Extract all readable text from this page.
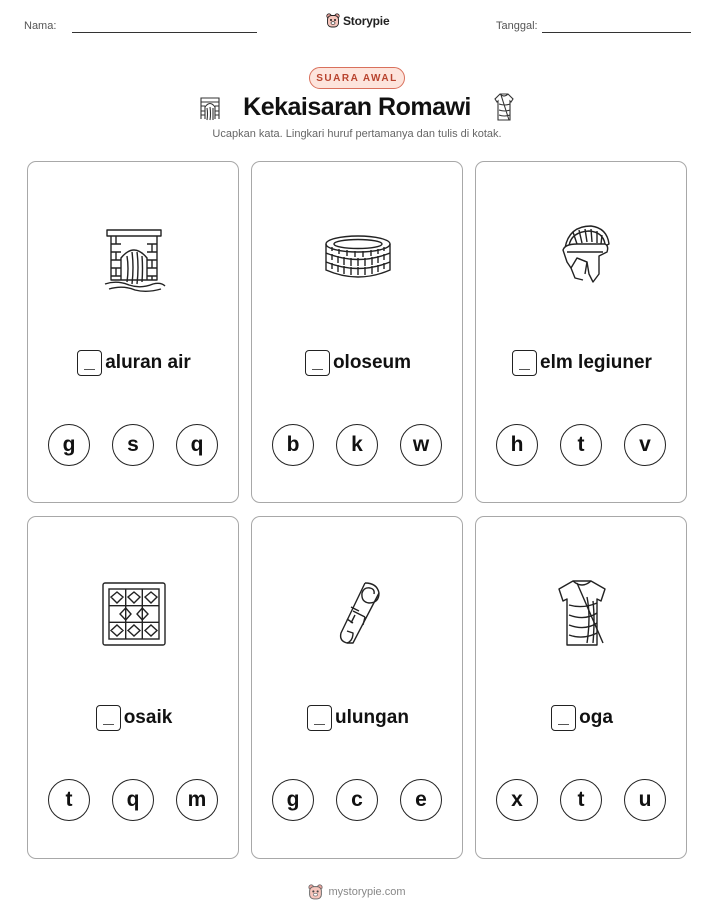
Nama:	Storypie	Tanggal:
SUARA AWAL
Kekaisaran Romawi
Ucapkan kata. Lingkari huruf pertamanya dan tulis di kotak.
aluran air
g	s	q
oloseum
b	k	w
elm legiuner
h	t	v
osaik
t	q	m
ulungan
g	c	e
oga
x	t	u
mystorypie.com
